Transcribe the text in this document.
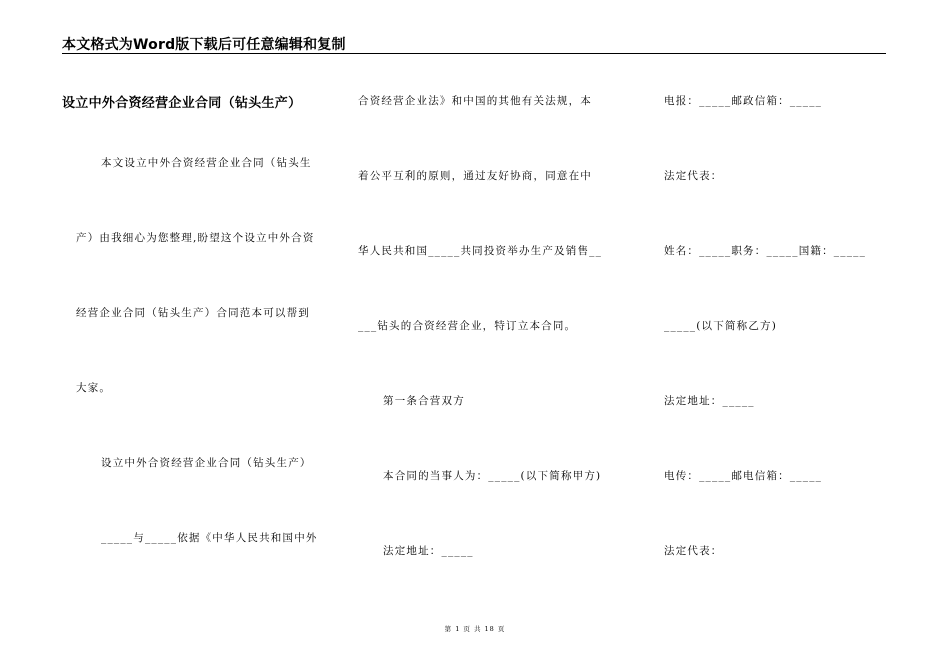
本文格式为Word版下载后可任意编辑和复制
设立中外合资经营企业合同（钻头生产）
本文设立中外合资经营企业合同（钻头生
产）由我细心为您整理,盼望这个设立中外合资
经营企业合同（钻头生产）合同范本可以帮到
大家。
设立中外合资经营企业合同（钻头生产）
_____与_____依据《中华人民共和国中外
合资经营企业法》和中国的其他有关法规，本
着公平互利的原则，通过友好协商，同意在中
华人民共和国_____共同投资举办生产及销售__
___钻头的合资经营企业，特订立本合同。
第一条合营双方
本合同的当事人为：_____(以下简称甲方)
法定地址：_____
电报：_____邮政信箱：_____
法定代表：
姓名：_____职务：_____国籍：_____
_____(以下简称乙方)
法定地址：_____
电传：_____邮电信箱：_____
法定代表：
第 1 页 共 18 页
